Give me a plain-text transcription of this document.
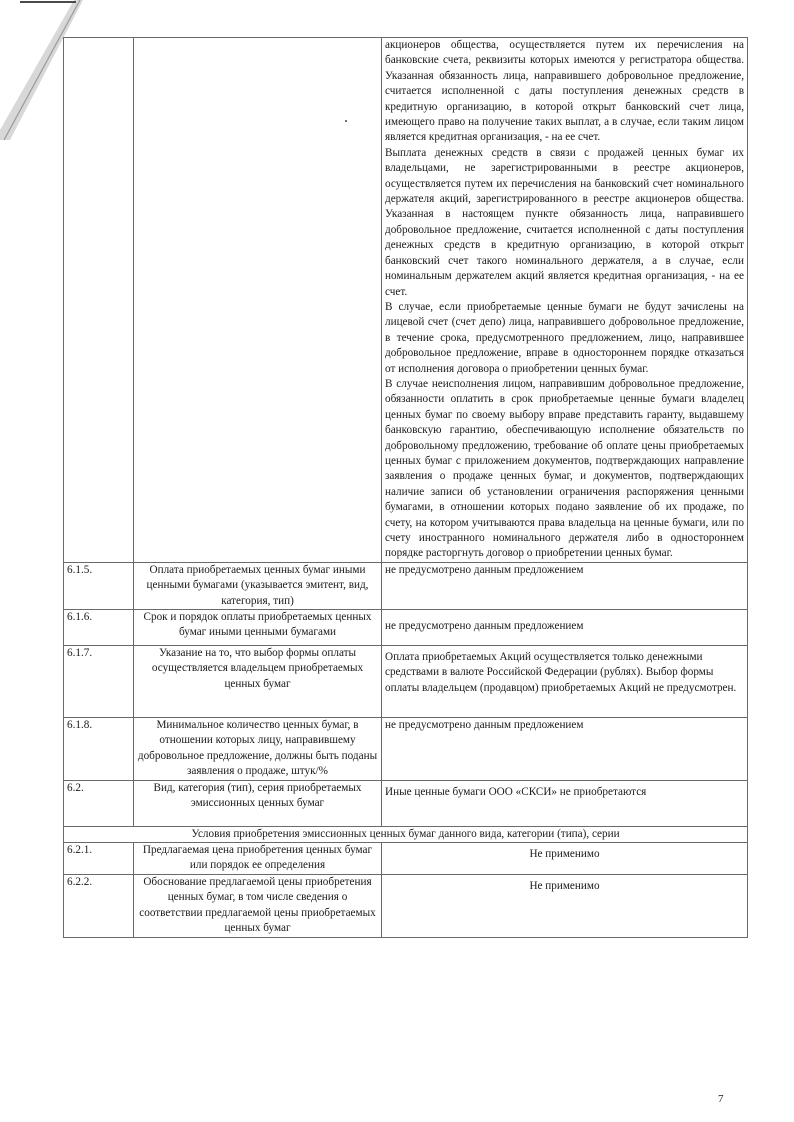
		акционеров общества, осуществляется путем их перечисления на банковские счета, реквизиты которых имеются у регистратора общества. Указанная обязанность лица, направившего добровольное предложение, считается исполненной с даты поступления денежных средств в кредитную организацию, в которой открыт банковский счет лица, имеющего право на получение таких выплат, а в случае, если таким лицом является кредитная организация, - на ее счет.

Выплата денежных средств в связи с продажей ценных бумаг их владельцами, не зарегистрированными в реестре акционеров, осуществляется путем их перечисления на банковский счет номинального держателя акций, зарегистрированного в реестре акционеров общества. Указанная в настоящем пункте обязанность лица, направившего добровольное предложение, считается исполненной с даты поступления денежных средств в кредитную организацию, в которой открыт банковский счет такого номинального держателя, а в случае, если номинальным держателем акций является кредитная организация, - на ее счет.

В случае, если приобретаемые ценные бумаги не будут зачислены на лицевой счет (счет депо) лица, направившего добровольное предложение, в течение срока, предусмотренного предложением, лицо, направившее добровольное предложение, вправе в одностороннем порядке отказаться от исполнения договора о приобретении ценных бумаг.

В случае неисполнения лицом, направившим добровольное предложение, обязанности оплатить в срок приобретаемые ценные бумаги владелец ценных бумаг по своему выбору вправе представить гаранту, выдавшему банковскую гарантию, обеспечивающую исполнение обязательств по добровольному предложению, требование об оплате цены приобретаемых ценных бумаг с приложением документов, подтверждающих направление заявления о продаже ценных бумаг, и документов, подтверждающих наличие записи об установлении ограничения распоряжения ценными бумагами, в отношении которых подано заявление об их продаже, по счету, на котором учитываются права владельца на ценные бумаги, или по счету иностранного номинального держателя либо в одностороннем порядке расторгнуть договор о приобретении ценных бумаг.

6.1.5.	Оплата приобретаемых ценных бумаг иными ценными бумагами (указывается эмитент, вид, категория, тип)	не предусмотрено данным предложением
6.1.6.	Срок и порядок оплаты приобретаемых ценных бумаг иными ценными бумагами	не предусмотрено данным предложением
6.1.7.	Указание на то, что выбор формы оплаты осуществляется владельцем приобретаемых ценных бумаг	Оплата приобретаемых Акций осуществляется только денежными средствами в валюте Российской Федерации (рублях). Выбор формы оплаты владельцем (продавцом) приобретаемых Акций не предусмотрен.
6.1.8.	Минимальное количество ценных бумаг, в отношении которых лицу, направившему добровольное предложение, должны быть поданы заявления о продаже, штук/%	не предусмотрено данным предложением
6.2.	Вид, категория (тип), серия приобретаемых эмиссионных ценных бумаг	Иные ценные бумаги ООО «СКСИ» не приобретаются
Условия приобретения эмиссионных ценных бумаг данного вида, категории (типа), серии		
6.2.1.	Предлагаемая цена приобретения ценных бумаг или порядок ее определения	Не применимо
6.2.2.	Обоснование предлагаемой цены приобретения ценных бумаг, в том числе сведения о соответствии предлагаемой цены приобретаемых ценных бумаг	Не применимо
7
